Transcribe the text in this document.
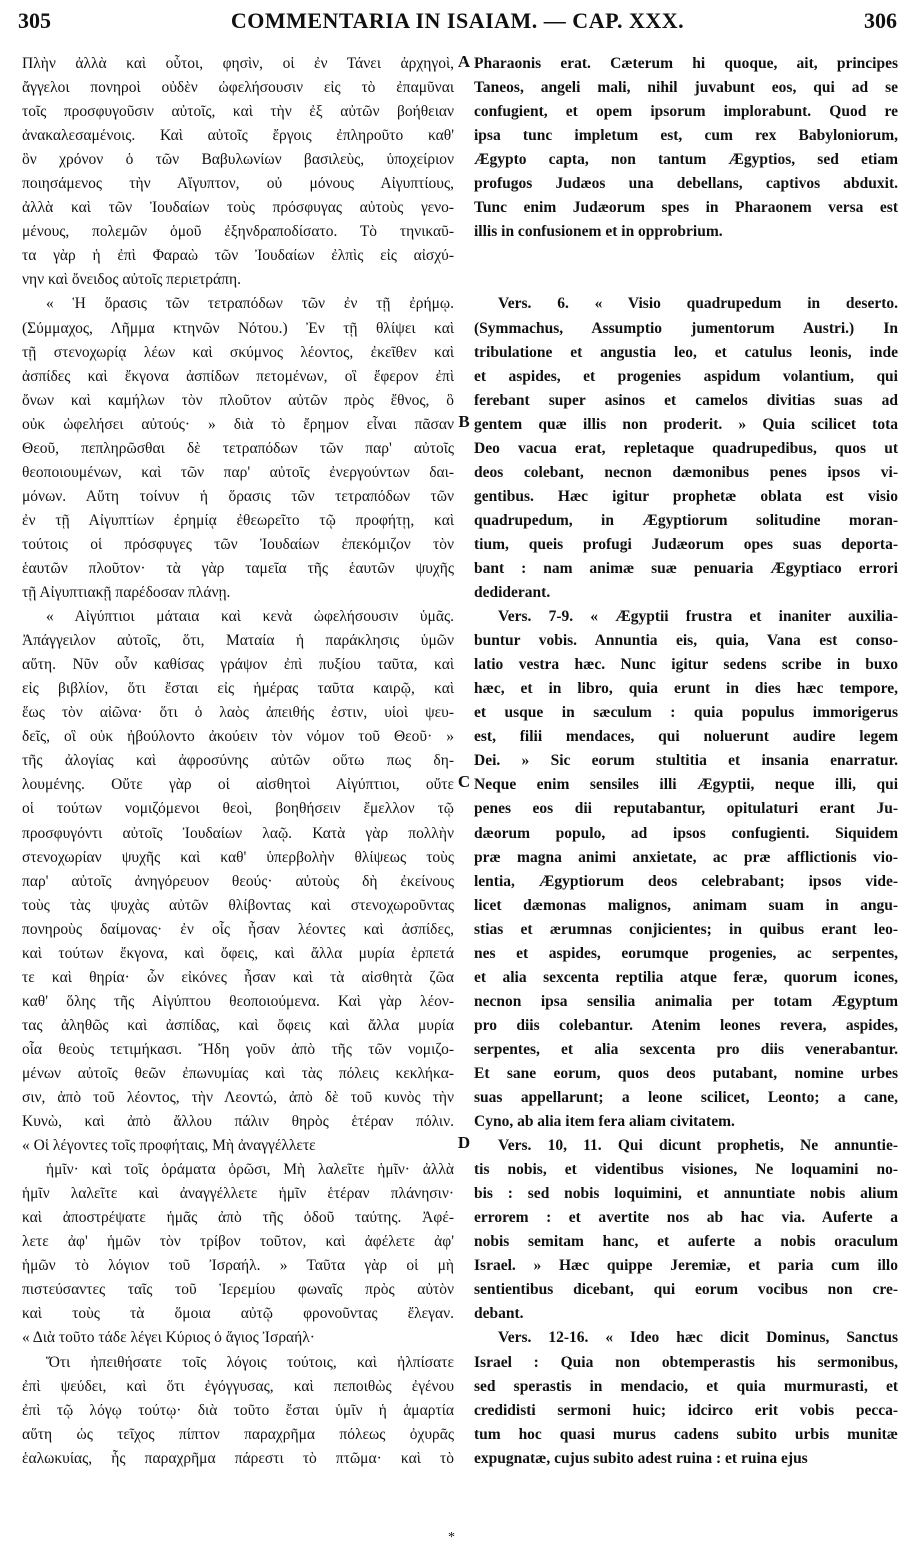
305	COMMENTARIA IN ISAIAM. — CAP. XXX.	306
Πλὴν ἀλλὰ καὶ οὗτοι, φησὶν, οἱ ἐν Τάνει ἀρχηγοὶ,
ἄγγελοι πονηροὶ οὐδὲν ὠφελήσουσιν εἰς τὸ ἐπαμῦναι
τοῖς προσφυγοῦσιν αὐτοῖς, καὶ τὴν ἐξ αὐτῶν βοήθειαν
ἀνακαλεσαμένοις. Καὶ αὐτοῖς ἔργοις ἐπληροῦτο καθ'
ὃν χρόνον ὁ τῶν Βαβυλωνίων βασιλεὺς, ὑποχείριον
ποιησάμενος τὴν Αἴγυπτον, οὐ μόνους Αἰγυπτίους,
ἀλλὰ καὶ τῶν Ἰουδαίων τοὺς πρόσφυγας αὐτοὺς γενο-
μένους, πολεμῶν ὁμοῦ ἐξηνδραποδίσατο. Τὸ τηνικαῦ-
τα γὰρ ἡ ἐπὶ Φαραὼ τῶν Ἰουδαίων ἐλπὶς εἰς αἰσχύ-
νην καὶ ὄνειδος αὐτοῖς περιετράπη.
« Ἡ ὅρασις τῶν τετραπόδων τῶν ἐν τῇ ἐρήμῳ.
(Σύμμαχος, Λῆμμα κτηνῶν Νότου.) Ἐν τῇ θλίψει καὶ
τῇ στενοχωρίᾳ λέων καὶ σκύμνος λέοντος, ἐκεῖθεν καὶ
ἀσπίδες καὶ ἔκγονα ἀσπίδων πετομένων, οἳ ἔφερον ἐπὶ
ὄνων καὶ καμήλων τὸν πλοῦτον αὐτῶν πρὸς ἔθνος, ὃ
οὐκ ὠφελήσει αὐτούς· » διὰ τὸ ἔρημον εἶναι πᾶσαν
Θεοῦ, πεπληρῶσθαι δὲ τετραπόδων τῶν παρ' αὐτοῖς
θεοποιουμένων, καὶ τῶν παρ' αὐτοῖς ἐνεργούντων δαι-
μόνων. Αὕτη τοίνυν ἡ ὅρασις τῶν τετραπόδων τῶν
ἐν τῇ Αἰγυπτίων ἐρημίᾳ ἐθεωρεῖτο τῷ προφήτῃ, καὶ
τούτοις οἱ πρόσφυγες τῶν Ἰουδαίων ἐπεκόμιζον τὸν
ἑαυτῶν πλοῦτον· τὰ γὰρ ταμεῖα τῆς ἑαυτῶν ψυχῆς
τῇ Αἰγυπτιακῇ παρέδοσαν πλάνῃ.
« Αἰγύπτιοι μάταια καὶ κενὰ ὠφελήσουσιν ὑμᾶς.
Ἀπάγγειλον αὐτοῖς, ὅτι, Ματαία ἡ παράκλησις ὑμῶν
αὕτη. Νῦν οὖν καθίσας γράψον ἐπὶ πυξίου ταῦτα, καὶ
εἰς βιβλίον, ὅτι ἔσται εἰς ἡμέρας ταῦτα καιρῷ, καὶ
ἕως τὸν αἰῶνα· ὅτι ὁ λαὸς ἀπειθής ἐστιν, υἱοὶ ψευ-
δεῖς, οἳ οὐκ ἠβούλοντο ἀκούειν τὸν νόμον τοῦ Θεοῦ· »
τῆς ἀλογίας καὶ ἀφροσύνης αὐτῶν οὕτω πως δη-
λουμένης. Οὔτε γὰρ οἱ αἰσθητοὶ Αἰγύπτιοι, οὔτε
οἱ τούτων νομιζόμενοι θεοὶ, βοηθήσειν ἔμελλον τῷ
προσφυγόντι αὐτοῖς Ἰουδαίων λαῷ. Κατὰ γὰρ πολλὴν
στενοχωρίαν ψυχῆς καὶ καθ' ὑπερβολὴν θλίψεως τοὺς
παρ' αὐτοῖς ἀνηγόρευον θεούς· αὐτοὺς δὴ ἐκείνους
τοὺς τὰς ψυχὰς αὐτῶν θλίβοντας καὶ στενοχωροῦντας
πονηροὺς δαίμονας· ἐν οἷς ἦσαν λέοντες καὶ ἀσπίδες,
καὶ τούτων ἔκγονα, καὶ ὄφεις, καὶ ἄλλα μυρία ἑρπετά
τε καὶ θηρία· ὧν εἰκόνες ἦσαν καὶ τὰ αἰσθητὰ ζῶα
καθ' ὅλης τῆς Αἰγύπτου θεοποιούμενα. Καὶ γὰρ λέον-
τας ἀληθῶς καὶ ἀσπίδας, καὶ ὄφεις καὶ ἄλλα μυρία
οἷα θεοὺς τετιμήκασι. Ἤδη γοῦν ἀπὸ τῆς τῶν νομιζο-
μένων αὐτοῖς θεῶν ἐπωνυμίας καὶ τὰς πόλεις κεκλήκα-
σιν, ἀπὸ τοῦ λέοντος, τὴν Λεοντώ, ἀπὸ δὲ τοῦ κυνὸς τὴν
Κυνὼ, καὶ ἀπὸ ἄλλου πάλιν θηρὸς ἑτέραν πόλιν.
« Οἱ λέγοντες τοῖς προφήταις, Μὴ ἀναγγέλλετε
ἡμῖν· καὶ τοῖς ὁράματα ὁρῶσι, Μὴ λαλεῖτε ἡμῖν· ἀλλὰ
ἡμῖν λαλεῖτε καὶ ἀναγγέλλετε ἡμῖν ἑτέραν πλάνησιν·
καὶ ἀποστρέψατε ἡμᾶς ἀπὸ τῆς ὁδοῦ ταύτης. Ἀφέ-
λετε ἀφ' ἡμῶν τὸν τρίβον τοῦτον, καὶ ἀφέλετε ἀφ'
ἡμῶν τὸ λόγιον τοῦ Ἰσραήλ. » Ταῦτα γὰρ οἱ μὴ
πιστεύσαντες ταῖς τοῦ Ἱερεμίου φωναῖς πρὸς αὐτὸν
καὶ τοὺς τὰ ὅμοια αὐτῷ φρονοῦντας ἔλεγαν.
« Διὰ τοῦτο τάδε λέγει Κύριος ὁ ἅγιος Ἰσραήλ·
Ὅτι ἠπειθήσατε τοῖς λόγοις τούτοις, καὶ ἠλπίσατε
ἐπὶ ψεύδει, καὶ ὅτι ἐγόγγυσας, καὶ πεποιθὼς ἐγένου
ἐπὶ τῷ λόγῳ τούτῳ· διὰ τοῦτο ἔσται ὑμῖν ἡ ἁμαρτία
αὕτη ὡς τεῖχος πίπτον παραχρῆμα πόλεως ὀχυρᾶς
ἑαλωκυίας, ἧς παραχρῆμα πάρεστι τὸ πτῶμα· καὶ τὸ
Pharaonis erat. Cæterum hi quoque, ait, principes
Taneos, angeli mali, nihil juvabunt eos, qui ad se
confugient, et opem ipsorum implorabunt. Quod re
ipsa tunc impletum est, cum rex Babyloniorum,
Ægypto capta, non tantum Ægyptios, sed etiam
profugos Judæos una debellans, captivos abduxit.
Tunc enim Judæorum spes in Pharaonem versa est
illis in confusionem et in opprobrium.
Vers. 6. « Visio quadrupedum in deserto.
(Symmachus, Assumptio jumentorum Austri.) In
tribulatione et angustia leo, et catulus leonis, inde
et aspides, et progenies aspidum volantium, qui
ferebant super asinos et camelos divitias suas ad
gentem quæ illis non proderit. » Quia scilicet tota
Deo vacua erat, repletaque quadrupedibus, quos ut
deos colebant, necnon dæmonibus penes ipsos vi-
gentibus. Hæc igitur prophetæ oblata est visio
quadrupedum, in Ægyptiorum solitudine moran-
tium, queis profugi Judæorum opes suas deporta-
bant : nam animæ suæ penuaria Ægyptiaco errori
dediderant.
Vers. 7-9. « Ægyptii frustra et inaniter auxilia-
buntur vobis. Annuntia eis, quia, Vana est conso-
latio vestra hæc. Nunc igitur sedens scribe in buxo
hæc, et in libro, quia erunt in dies hæc tempore,
et usque in sæculum : quia populus immorigerus
est, filii mendaces, qui noluerunt audire legem
Dei. » Sic eorum stultitia et insania enarratur.
Neque enim sensiles illi Ægyptii, neque illi, qui
penes eos dii reputabantur, opitulaturi erant Ju-
dæorum populo, ad ipsos confugienti. Siquidem
præ magna animi anxietate, ac præ afflictionis vio-
lentia, Ægyptiorum deos celebrabant; ipsos vide-
licet dæmonas malignos, animam suam in angu-
stias et ærumnas conjicientes; in quibus erant leo-
nes et aspides, eorumque progenies, ac serpentes,
et alia sexcenta reptilia atque feræ, quorum icones,
necnon ipsa sensilia animalia per totam Ægyptum
pro diis colebantur. Atenim leones revera, aspides,
serpentes, et alia sexcenta pro diis venerabantur.
Et sane eorum, quos deos putabant, nomine urbes
suas appellarunt; a leone scilicet, Leonto; a cane,
Cyno, ab alia item fera aliam civitatem.
Vers. 10, 11. Qui dicunt prophetis, Ne annuntie-
tis nobis, et videntibus visiones, Ne loquamini no-
bis : sed nobis loquimini, et annuntiate nobis alium
errorem : et avertite nos ab hac via. Auferte a
nobis semitam hanc, et auferte a nobis oraculum
Israel. » Hæc quippe Jeremiæ, et paria cum illo
sentientibus dicebant, qui eorum vocibus non cre-
debant.
Vers. 12-16. « Ideo hæc dicit Dominus, Sanctus
Israel : Quia non obtemperastis his sermonibus,
sed sperastis in mendacio, et quia murmurasti, et
credidisti sermoni huic; idcirco erit vobis pecca-
tum hoc quasi murus cadens subito urbis munitæ
expugnatæ, cujus subito adest ruina : et ruina ejus
A
B
C
D
*
